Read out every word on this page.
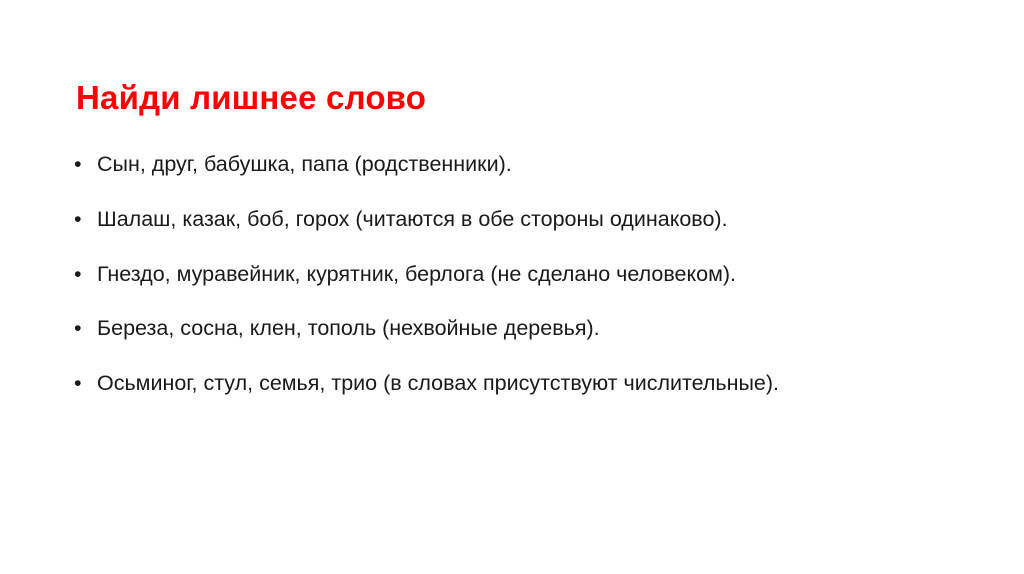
Найди лишнее слово
• Сын, друг, бабушка, папа (родственники).
• Шалаш, казак, боб, горох (читаются в обе стороны одинаково).
• Гнездо, муравейник, курятник, берлога (не сделано человеком).
• Береза, сосна, клен, тополь (нехвойные деревья).
• Осьминог, стул, семья, трио (в словах присутствуют числительные).
